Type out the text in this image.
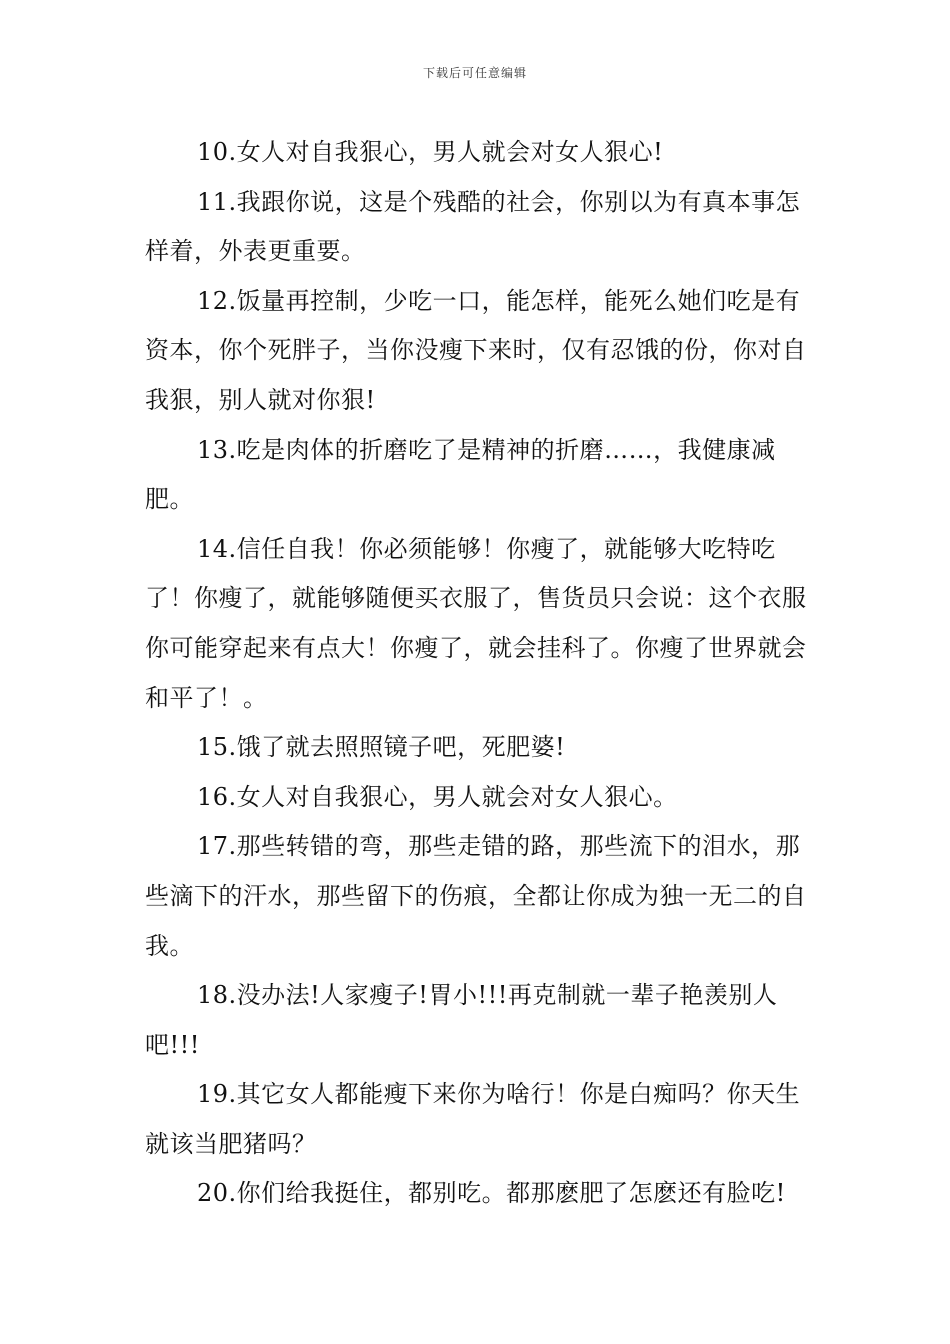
下载后可任意编辑

10.女人对自我狠心，男人就会对女人狠心!

11.我跟你说，这是个残酷的社会，你别以为有真本事怎样着，外表更重要。

12.饭量再控制，少吃一口，能怎样，能死么她们吃是有资本，你个死胖子，当你没瘦下来时，仅有忍饿的份，你对自我狠，别人就对你狠!

13.吃是肉体的折磨吃了是精神的折磨……，我健康减肥。

14.信任自我！你必须能够！你瘦了，就能够大吃特吃了！你瘦了，就能够随便买衣服了，售货员只会说：这个衣服你可能穿起来有点大！你瘦了，就会挂科了。你瘦了世界就会和平了！。

15.饿了就去照照镜子吧，死肥婆!

16.女人对自我狠心，男人就会对女人狠心。

17.那些转错的弯，那些走错的路，那些流下的泪水，那些滴下的汗水，那些留下的伤痕，全都让你成为独一无二的自我。

18.没办法!人家瘦子!胃小!!!再克制就一辈子艳羡别人吧!!!

19.其它女人都能瘦下来你为啥行！你是白痴吗？你天生就该当肥猪吗？

20.你们给我挺住，都别吃。都那麽肥了怎麽还有脸吃!
